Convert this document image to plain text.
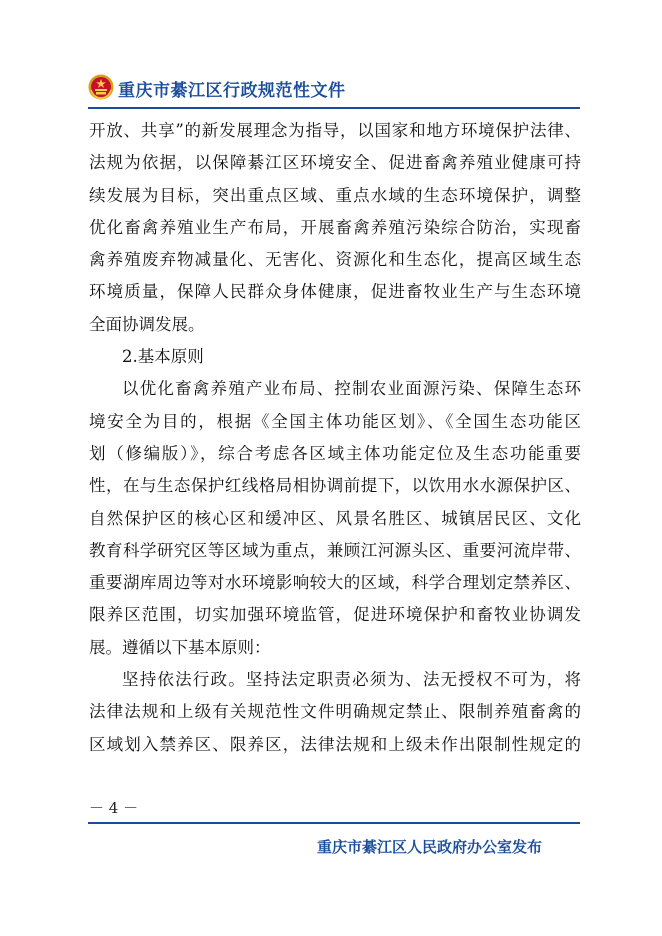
重庆市綦江区行政规范性文件
开放、共享”的新发展理念为指导，以国家和地方环境保护法律、
法规为依据，以保障綦江区环境安全、促进畜禽养殖业健康可持
续发展为目标，突出重点区域、重点水域的生态环境保护，调整
优化畜禽养殖业生产布局，开展畜禽养殖污染综合防治，实现畜
禽养殖废弃物减量化、无害化、资源化和生态化，提高区域生态
环境质量，保障人民群众身体健康，促进畜牧业生产与生态环境
全面协调发展。
2.基本原则
以优化畜禽养殖产业布局、控制农业面源污染、保障生态环
境安全为目的，根据《全国主体功能区划》、《全国生态功能区
划（修编版）》，综合考虑各区域主体功能定位及生态功能重要
性，在与生态保护红线格局相协调前提下，以饮用水水源保护区、
自然保护区的核心区和缓冲区、风景名胜区、城镇居民区、文化
教育科学研究区等区域为重点，兼顾江河源头区、重要河流岸带、
重要湖库周边等对水环境影响较大的区域，科学合理划定禁养区、
限养区范围，切实加强环境监管，促进环境保护和畜牧业协调发
展。遵循以下基本原则：
坚持依法行政。坚持法定职责必须为、法无授权不可为，将
法律法规和上级有关规范性文件明确规定禁止、限制养殖畜禽的
区域划入禁养区、限养区，法律法规和上级未作出限制性规定的
－ 4 －
重庆市綦江区人民政府办公室发布
